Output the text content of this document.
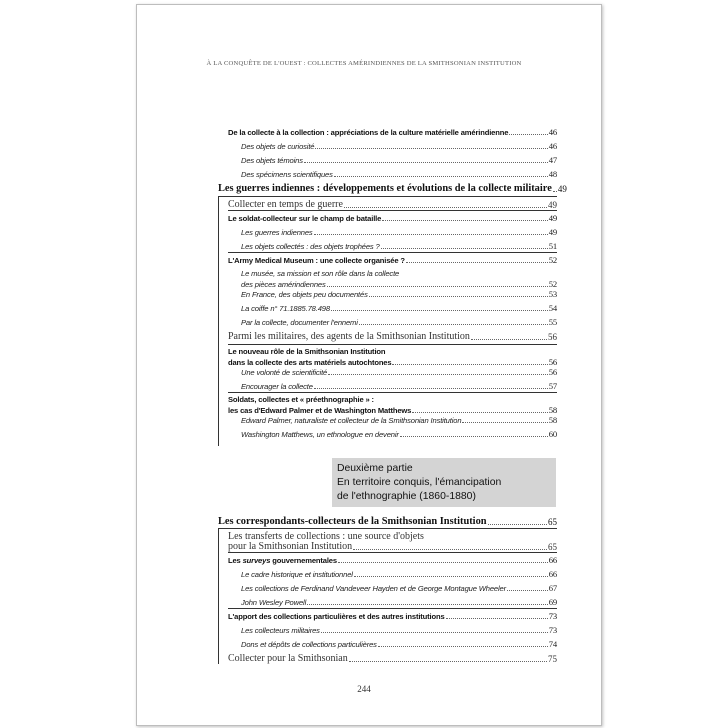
À LA CONQUÊTE DE L'OUEST : COLLECTES AMÉRINDIENNES DE LA SMITHSONIAN INSTITUTION
De la collecte à la collection : appréciations de la culture matérielle amérindienne	46
Des objets de curiosité	46
Des objets témoins	47
Des spécimens scientifiques	48
Les guerres indiennes : développements et évolutions de la collecte militaire 49
Collecter en temps de guerre	49
Le soldat-collecteur sur le champ de bataille	49
Les guerres indiennes	49
Les objets collectés : des objets trophées ?	51
L'Army Medical Museum : une collecte organisée ?	52
Le musée, sa mission et son rôle dans la collecte
des pièces amérindiennes	52
En France, des objets peu documentés	53
La coiffe n° 71.1885.78.498	54
Par la collecte, documenter l'ennemi	55
Parmi les militaires, des agents de la Smithsonian Institution	56
Le nouveau rôle de la Smithsonian Institution
dans la collecte des arts matériels autochtones	56
Une volonté de scientificité	56
Encourager la collecte	57
Soldats, collectes et « préethnographie » :
les cas d'Edward Palmer et de Washington Matthews	58
Edward Palmer, naturaliste et collecteur de la Smithsonian Institution	58
Washington Matthews, un ethnologue en devenir	60
Les correspondants-collecteurs de la Smithsonian Institution	65
Les transferts de collections : une source d'objets
pour la Smithsonian Institution	65
Les surveys gouvernementales	66
Le cadre historique et institutionnel	66
Les collections de Ferdinand Vandeveer Hayden et de George Montague Wheeler	67
John Wesley Powell	69
L'apport des collections particulières et des autres institutions	73
Les collecteurs militaires	73
Dons et dépôts de collections particulières	74
Collecter pour la Smithsonian	75
Deuxième partie
En territoire conquis, l'émancipation
de l'ethnographie (1860-1880)
244
